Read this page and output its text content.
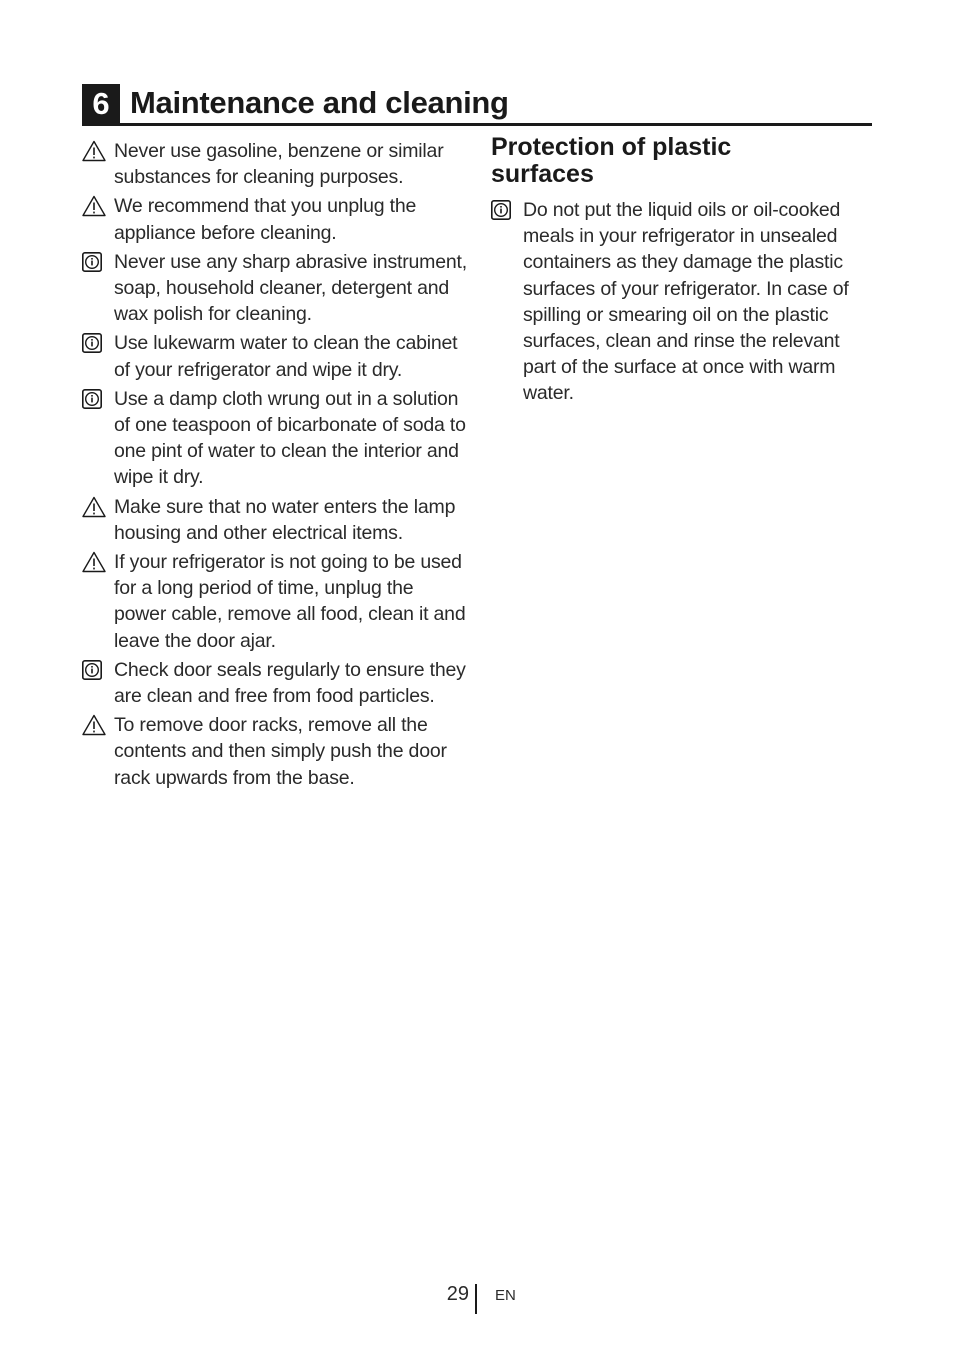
6 Maintenance and cleaning
Never use gasoline, benzene or similar substances for cleaning purposes.
We recommend that you unplug the appliance before cleaning.
Never use any sharp abrasive instrument, soap, household cleaner, detergent and wax polish for cleaning.
Use lukewarm water to clean the cabinet of your refrigerator and wipe it dry.
Use a damp cloth wrung out in a solution of one teaspoon of bicarbonate of soda to one pint of water to clean the interior and wipe it dry.
Make sure that no water enters the lamp housing and other electrical items.
If your refrigerator is not going to be used for a long period of time, unplug the power cable, remove all food, clean it and leave the door ajar.
Check door seals regularly to ensure they are clean and free from food particles.
To remove door racks, remove all the contents and then simply push the door rack upwards from the base.
Protection of plastic surfaces
Do not put the liquid oils or oil-cooked meals in your refrigerator in unsealed containers as they damage the plastic surfaces of your refrigerator. In case of spilling or smearing oil on the plastic surfaces, clean and rinse the relevant part of the surface at once with warm water.
29 EN
